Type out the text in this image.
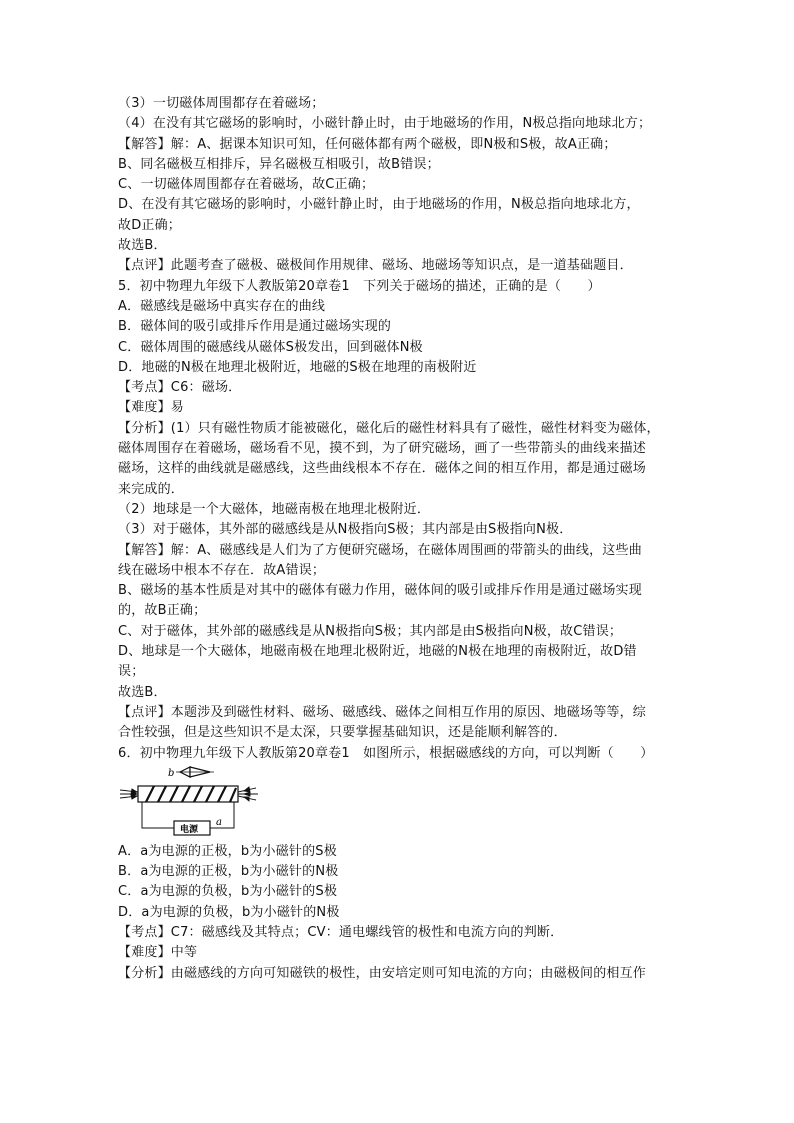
（3）一切磁体周围都存在着磁场；

（4）在没有其它磁场的影响时，小磁针静止时，由于地磁场的作用，N极总指向地球北方；

【解答】解：A、据课本知识可知，任何磁体都有两个磁极，即N极和S极，故A正确；

B、同名磁极互相排斥，异名磁极互相吸引，故B错误；

C、一切磁体周围都存在着磁场，故C正确；

D、在没有其它磁场的影响时，小磁针静止时，由于地磁场的作用，N极总指向地球北方，

故D正确；

故选B．

【点评】此题考查了磁极、磁极间作用规律、磁场、地磁场等知识点，是一道基础题目．

5．初中物理九年级下人教版第20章卷1　下列关于磁场的描述，正确的是（　　）

A．磁感线是磁场中真实存在的曲线

B．磁体间的吸引或排斥作用是通过磁场实现的

C．磁体周围的磁感线从磁体S极发出，回到磁体N极

D．地磁的N极在地理北极附近，地磁的S极在地理的南极附近

【考点】C6：磁场．

【难度】易

【分析】(1）只有磁性物质才能被磁化，磁化后的磁性材料具有了磁性，磁性材料变为磁体，

磁体周围存在着磁场，磁场看不见，摸不到，为了研究磁场，画了一些带箭头的曲线来描述

磁场，这样的曲线就是磁感线，这些曲线根本不存在．磁体之间的相互作用，都是通过磁场

来完成的．

（2）地球是一个大磁体，地磁南极在地理北极附近．

（3）对于磁体，其外部的磁感线是从N极指向S极；其内部是由S极指向N极．

【解答】解：A、磁感线是人们为了方便研究磁场，在磁体周围画的带箭头的曲线，这些曲

线在磁场中根本不存在．故A错误；

B、磁场的基本性质是对其中的磁体有磁力作用，磁体间的吸引或排斥作用是通过磁场实现

的，故B正确；

C、对于磁体，其外部的磁感线是从N极指向S极；其内部是由S极指向N极，故C错误；

D、地球是一个大磁体，地磁南极在地理北极附近，地磁的N极在地理的南极附近，故D错

误；

故选B．

【点评】本题涉及到磁性材料、磁场、磁感线、磁体之间相互作用的原因、地磁场等等，综

合性较强，但是这些知识不是太深，只要掌握基础知识，还是能顺利解答的．

6．初中物理九年级下人教版第20章卷1　如图所示，根据磁感线的方向，可以判断（　　）

b
电源
a

A．a为电源的正极，b为小磁针的S极

B．a为电源的正极，b为小磁针的N极

C．a为电源的负极，b为小磁针的S极

D．a为电源的负极，b为小磁针的N极

【考点】C7：磁感线及其特点；CV：通电螺线管的极性和电流方向的判断．

【难度】中等

【分析】由磁感线的方向可知磁铁的极性，由安培定则可知电流的方向；由磁极间的相互作
